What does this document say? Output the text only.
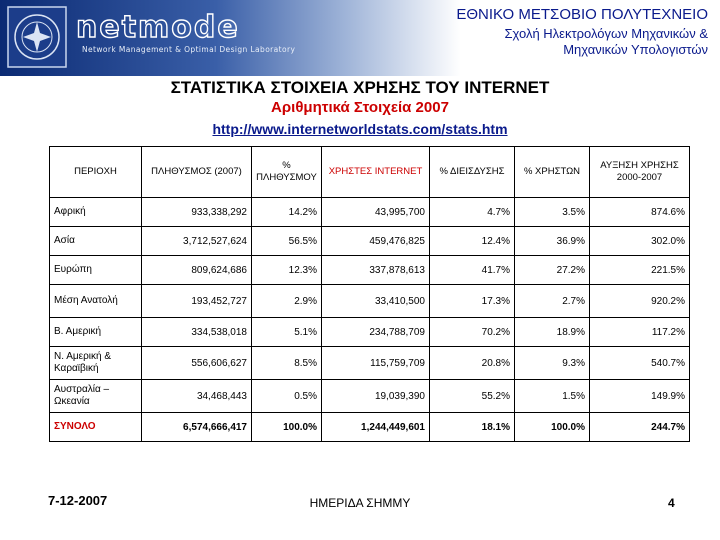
netmode
Network Management & Optimal Design Laboratory
ΕΘΝΙΚΟ ΜΕΤΣΟΒΙΟ ΠΟΛΥΤΕΧΝΕΙΟ
Σχολή Ηλεκτρολόγων Μηχανικών &
Μηχανικών Υπολογιστών
ΣΤΑΤΙΣΤΙΚΑ ΣΤΟΙΧΕΙΑ ΧΡΗΣΗΣ ΤΟΥ INTERNET
Αριθμητικά Στοιχεία 2007
http://www.internetworldstats.com/stats.htm
ΠΕΡΙΟΧΗ	ΠΛΗΘΥΣΜΟΣ (2007)	% ΠΛΗΘΥΣΜΟΥ	ΧΡΗΣΤΕΣ INTERNET	% ΔΙΕΙΣΔΥΣΗΣ	% ΧΡΗΣΤΩΝ	ΑΥΞΗΣΗ ΧΡΗΣΗΣ 2000-2007
Αφρική	933,338,292	14.2%	43,995,700	4.7%	3.5%	874.6%
Ασία	3,712,527,624	56.5%	459,476,825	12.4%	36.9%	302.0%
Ευρώπη	809,624,686	12.3%	337,878,613	41.7%	27.2%	221.5%
Μέση Ανατολή	193,452,727	2.9%	33,410,500	17.3%	2.7%	920.2%
Β. Αμερική	334,538,018	5.1%	234,788,709	70.2%	18.9%	117.2%
Ν. Αμερική & Καραϊβική	556,606,627	8.5%	115,759,709	20.8%	9.3%	540.7%
Αυστραλία – Ωκεανία	34,468,443	0.5%	19,039,390	55.2%	1.5%	149.9%
ΣΥΝΟΛΟ	6,574,666,417	100.0%	1,244,449,601	18.1%	100.0%	244.7%
7-12-2007	ΗΜΕΡΙΔΑ ΣΗΜΜΥ	4
